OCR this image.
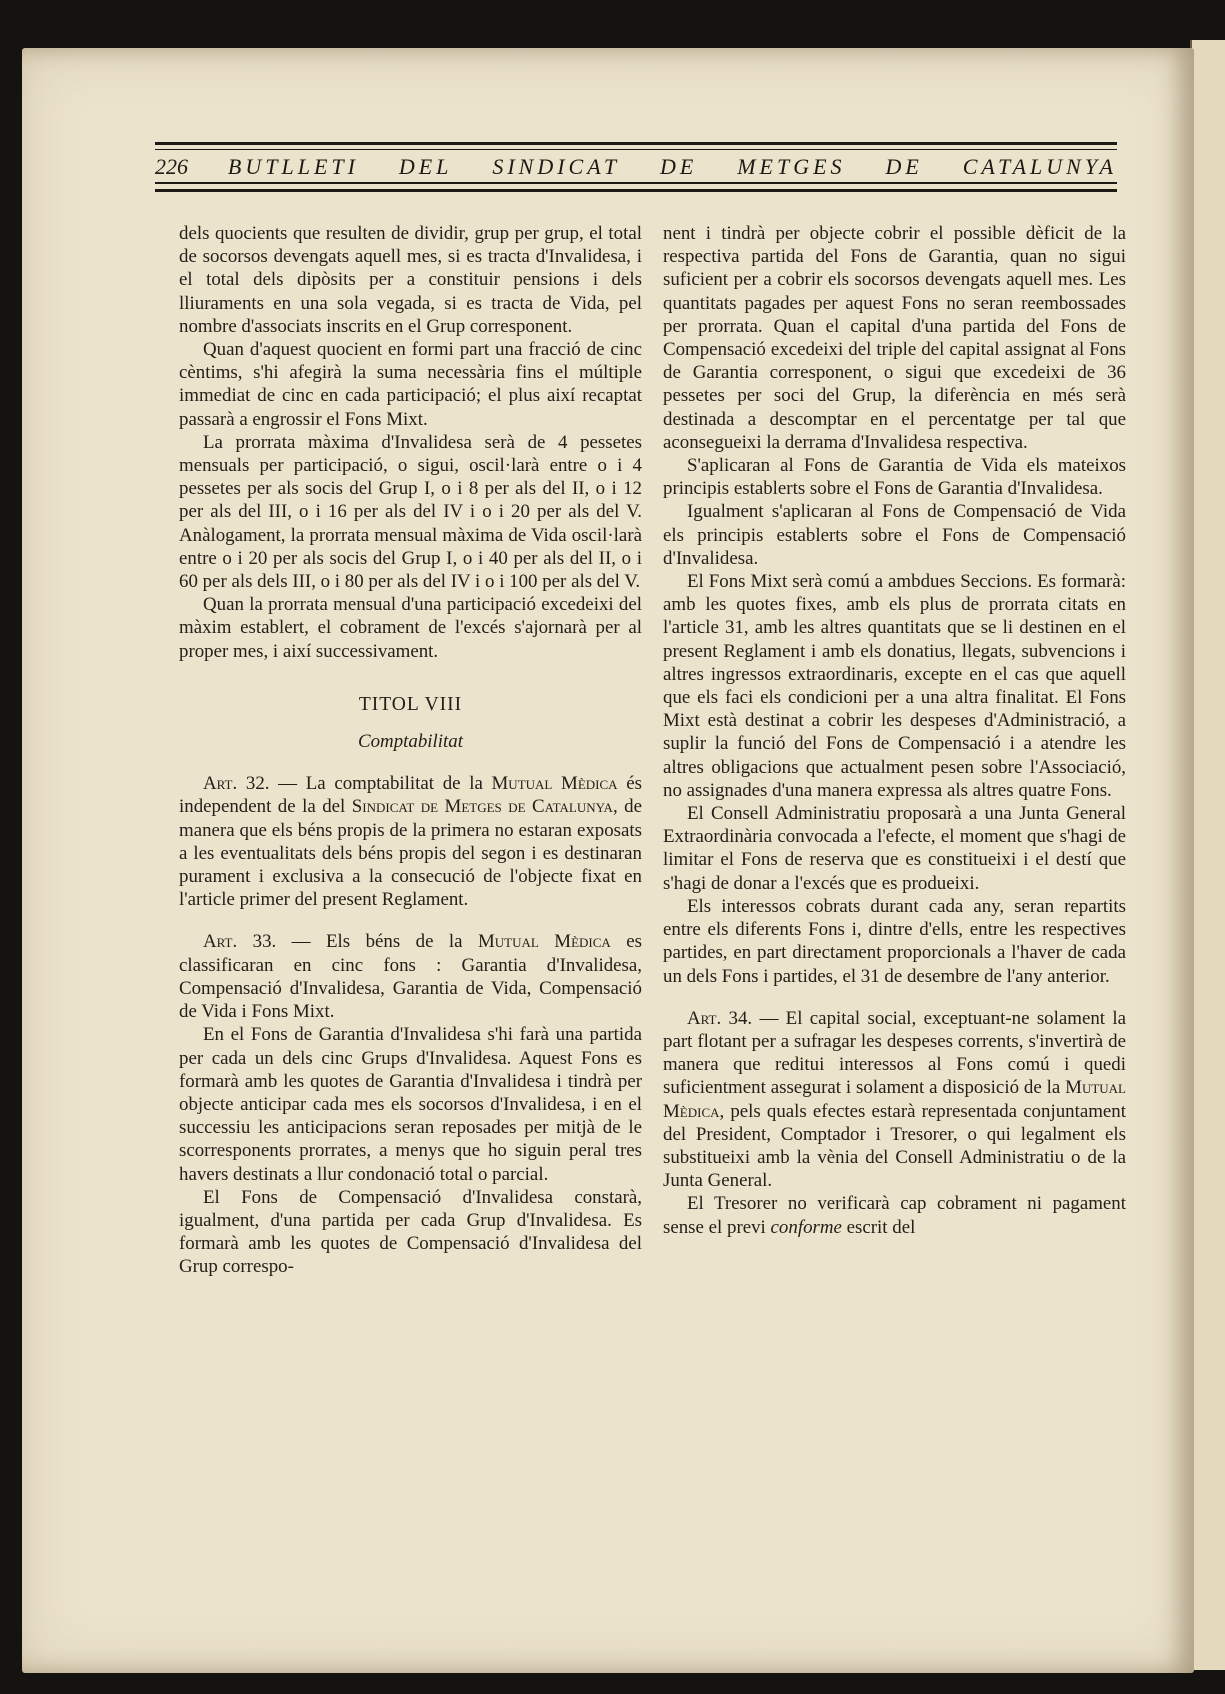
226 BUTLLETI DEL SINDICAT DE METGES DE CATALUNYA

dels quocients que resulten de dividir, grup per grup, el total de socorsos devengats aquell mes, si es tracta d'Invalidesa, i el total dels dipòsits per a constituir pensions i dels lliuraments en una sola vegada, si es tracta de Vida, pel nombre d'associats inscrits en el Grup corresponent.

Quan d'aquest quocient en formi part una fracció de cinc cèntims, s'hi afegirà la suma necessària fins el múltiple immediat de cinc en cada participació; el plus així recaptat passarà a engrossir el Fons Mixt.

La prorrata màxima d'Invalidesa serà de 4 pessetes mensuals per participació, o sigui, oscil·larà entre o i 4 pessetes per als socis del Grup I, o i 8 per als del II, o i 12 per als del III, o i 16 per als del IV i o i 20 per als del V. Anàlogament, la prorrata mensual màxima de Vida oscil·larà entre o i 20 per als socis del Grup I, o i 40 per als del II, o i 60 per als dels III, o i 80 per als del IV i o i 100 per als del V.

Quan la prorrata mensual d'una participació excedeixi del màxim establert, el cobrament de l'excés s'ajornarà per al proper mes, i així successivament.

TITOL VIII

Comptabilitat

Art. 32. — La comptabilitat de la Mutual Mèdica és independent de la del Sindicat de Metges de Catalunya, de manera que els béns propis de la primera no estaran exposats a les eventualitats dels béns propis del segon i es destinaran purament i exclusiva a la consecució de l'objecte fixat en l'article primer del present Reglament.

Art. 33. — Els béns de la Mutual Mèdica es classificaran en cinc fons : Garantia d'Invalidesa, Compensació d'Invalidesa, Garantia de Vida, Compensació de Vida i Fons Mixt.

En el Fons de Garantia d'Invalidesa s'hi farà una partida per cada un dels cinc Grups d'Invalidesa. Aquest Fons es formarà amb les quotes de Garantia d'Invalidesa i tindrà per objecte anticipar cada mes els socorsos d'Invalidesa, i en el successiu les anticipacions seran reposades per mitjà de le scorresponents prorrates, a menys que ho siguin peral tres havers destinats a llur condonació total o parcial.

El Fons de Compensació d'Invalidesa constarà, igualment, d'una partida per cada Grup d'Invalidesa. Es formarà amb les quotes de Compensació d'Invalidesa del Grup correspo-

nent i tindrà per objecte cobrir el possible dèficit de la respectiva partida del Fons de Garantia, quan no sigui suficient per a cobrir els socorsos devengats aquell mes. Les quantitats pagades per aquest Fons no seran reembossades per prorrata. Quan el capital d'una partida del Fons de Compensació excedeixi del triple del capital assignat al Fons de Garantia corresponent, o sigui que excedeixi de 36 pessetes per soci del Grup, la diferència en més serà destinada a descomptar en el percentatge per tal que aconsegueixi la derrama d'Invalidesa respectiva.

S'aplicaran al Fons de Garantia de Vida els mateixos principis establerts sobre el Fons de Garantia d'Invalidesa.

Igualment s'aplicaran al Fons de Compensació de Vida els principis establerts sobre el Fons de Compensació d'Invalidesa.

El Fons Mixt serà comú a ambdues Seccions. Es formarà: amb les quotes fixes, amb els plus de prorrata citats en l'article 31, amb les altres quantitats que se li destinen en el present Reglament i amb els donatius, llegats, subvencions i altres ingressos extraordinaris, excepte en el cas que aquell que els faci els condicioni per a una altra finalitat. El Fons Mixt està destinat a cobrir les despeses d'Administració, a suplir la funció del Fons de Compensació i a atendre les altres obligacions que actualment pesen sobre l'Associació, no assignades d'una manera expressa als altres quatre Fons.

El Consell Administratiu proposarà a una Junta General Extraordinària convocada a l'efecte, el moment que s'hagi de limitar el Fons de reserva que es constitueixi i el destí que s'hagi de donar a l'excés que es produeixi.

Els interessos cobrats durant cada any, seran repartits entre els diferents Fons i, dintre d'ells, entre les respectives partides, en part directament proporcionals a l'haver de cada un dels Fons i partides, el 31 de desembre de l'any anterior.

Art. 34. — El capital social, exceptuant-ne solament la part flotant per a sufragar les despeses corrents, s'invertirà de manera que reditui interessos al Fons comú i quedi suficientment assegurat i solament a disposició de la Mutual Mèdica, pels quals efectes estarà representada conjuntament del President, Comptador i Tresorer, o qui legalment els substitueixi amb la vènia del Consell Administratiu o de la Junta General.

El Tresorer no verificarà cap cobrament ni pagament sense el previ conforme escrit del
